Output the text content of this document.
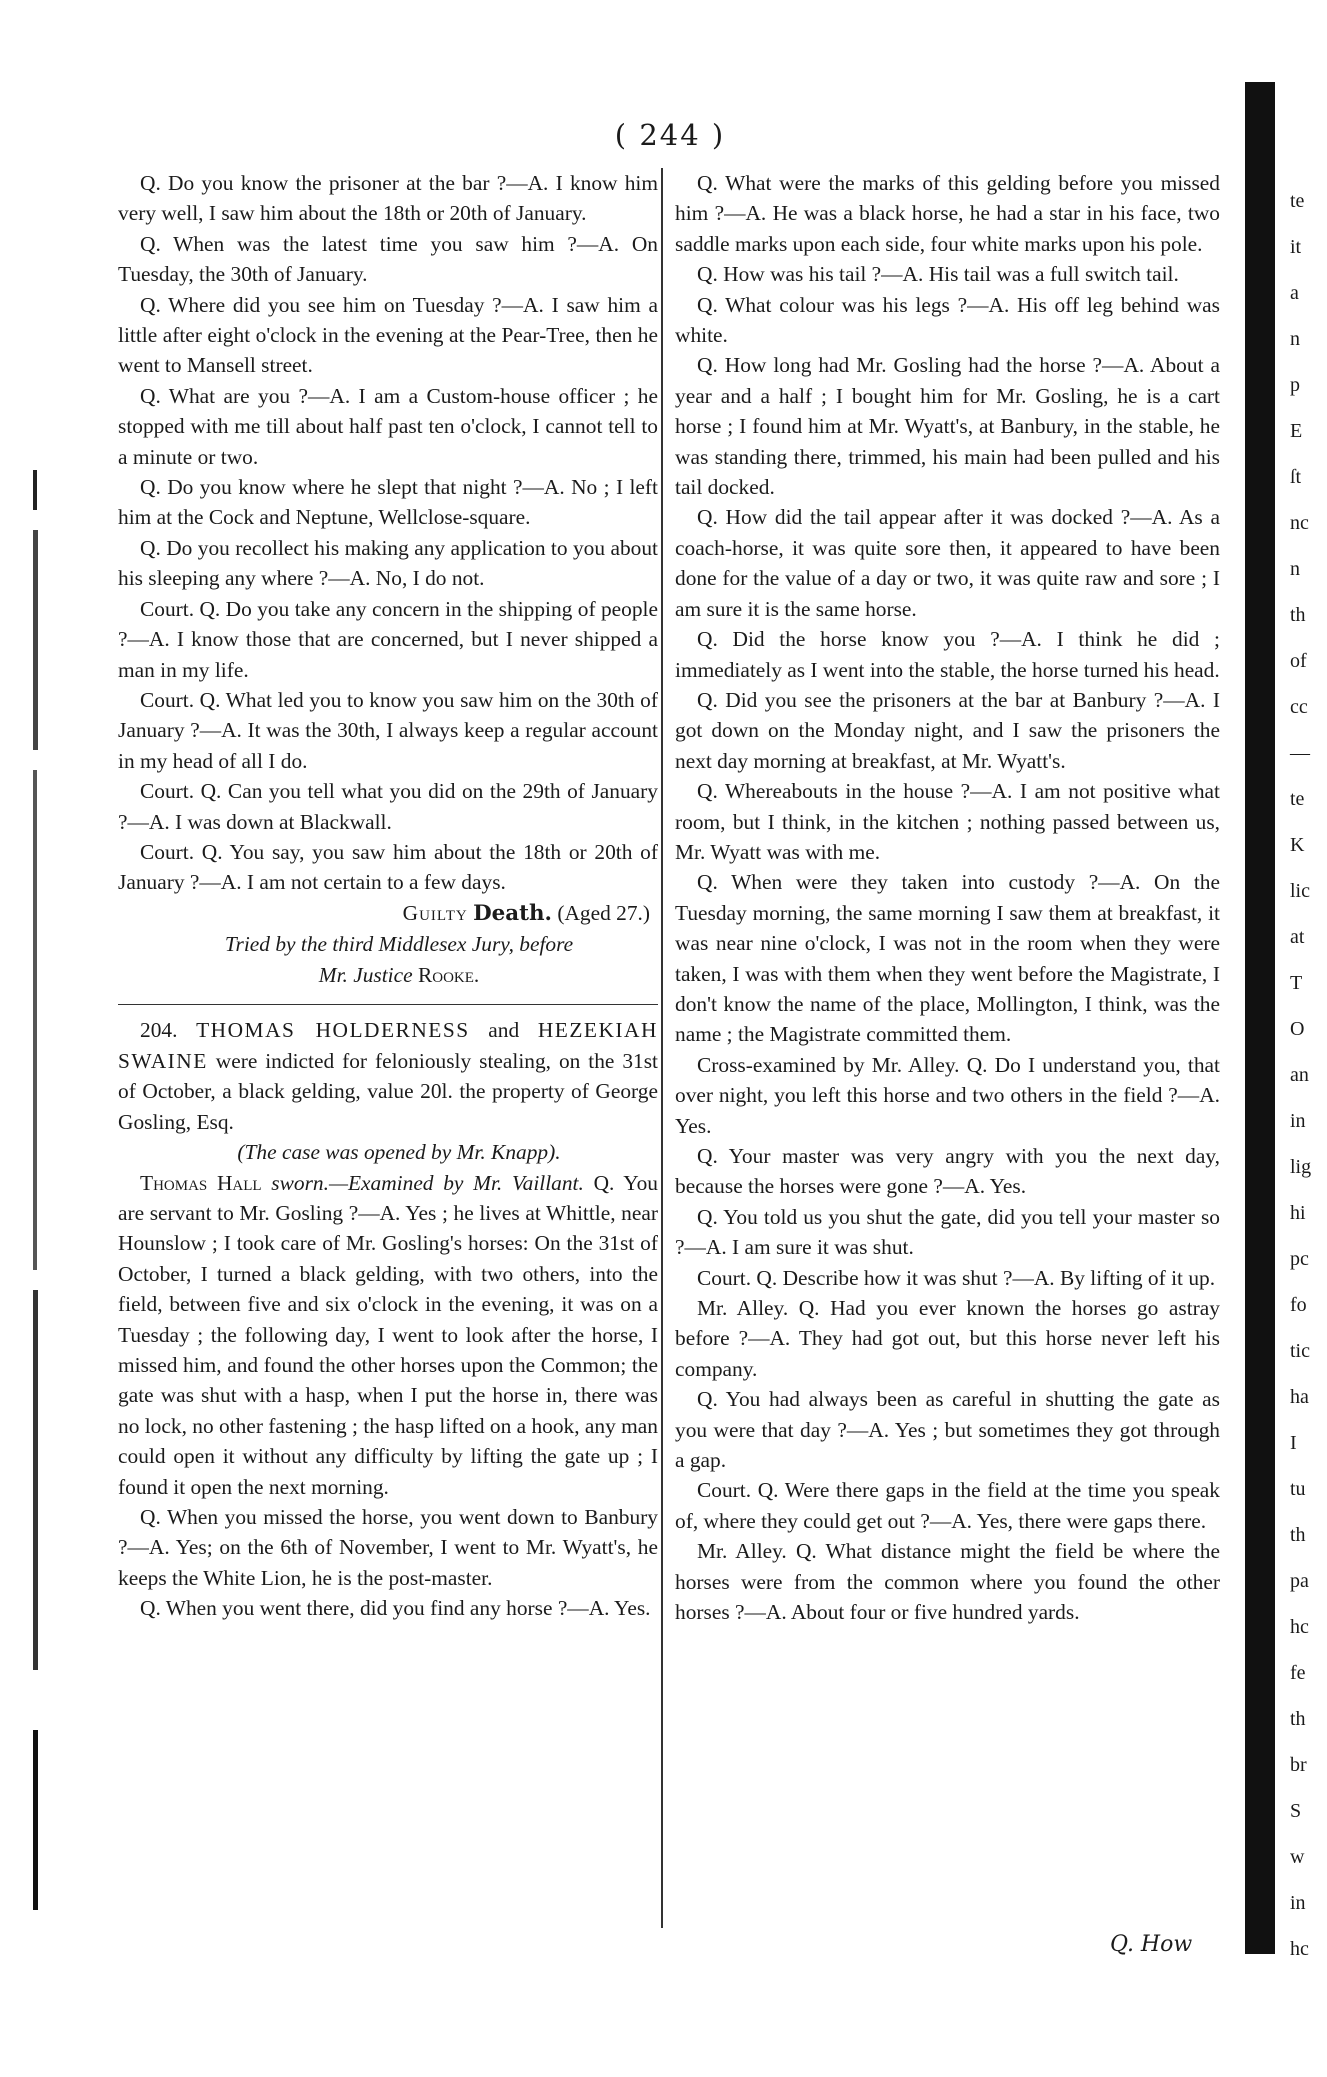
( 244 )

Q. Do you know the prisoner at the bar ?—A. I know him very well, I saw him about the 18th or 20th of January.

Q. When was the latest time you saw him ?—A. On Tuesday, the 30th of January.

Q. Where did you see him on Tuesday ?—A. I saw him a little after eight o'clock in the evening at the Pear-Tree, then he went to Mansell street.

Q. What are you ?—A. I am a Custom-house officer ; he stopped with me till about half past ten o'clock, I cannot tell to a minute or two.

Q. Do you know where he slept that night ?—A. No ; I left him at the Cock and Neptune, Wellclose-square.

Q. Do you recollect his making any application to you about his sleeping any where ?—A. No, I do not.

Court. Q. Do you take any concern in the shipping of people ?—A. I know those that are concerned, but I never shipped a man in my life.

Court. Q. What led you to know you saw him on the 30th of January ?—A. It was the 30th, I always keep a regular account in my head of all I do.

Court. Q. Can you tell what you did on the 29th of January ?—A. I was down at Blackwall.

Court. Q. You say, you saw him about the 18th or 20th of January ?—A. I am not certain to a few days.

Guilty Death. (Aged 27.)

Tried by the third Middlesex Jury, before

Mr. Justice Rooke.

204. THOMAS HOLDERNESS and HEZEKIAH SWAINE were indicted for feloniously stealing, on the 31st of October, a black gelding, value 20l. the property of George Gosling, Esq.

(The case was opened by Mr. Knapp).

Thomas Hall sworn.—Examined by Mr. Vaillant. Q. You are servant to Mr. Gosling ?—A. Yes ; he lives at Whittle, near Hounslow ; I took care of Mr. Gosling's horses: On the 31st of October, I turned a black gelding, with two others, into the field, between five and six o'clock in the evening, it was on a Tuesday ; the following day, I went to look after the horse, I missed him, and found the other horses upon the Common; the gate was shut with a hasp, when I put the horse in, there was no lock, no other fastening ; the hasp lifted on a hook, any man could open it without any difficulty by lifting the gate up ; I found it open the next morning.

Q. When you missed the horse, you went down to Banbury ?—A. Yes; on the 6th of November, I went to Mr. Wyatt's, he keeps the White Lion, he is the post-master.

Q. When you went there, did you find any horse ?—A. Yes.

Q. What were the marks of this gelding before you missed him ?—A. He was a black horse, he had a star in his face, two saddle marks upon each side, four white marks upon his pole.

Q. How was his tail ?—A. His tail was a full switch tail.

Q. What colour was his legs ?—A. His off leg behind was white.

Q. How long had Mr. Gosling had the horse ?—A. About a year and a half ; I bought him for Mr. Gosling, he is a cart horse ; I found him at Mr. Wyatt's, at Banbury, in the stable, he was standing there, trimmed, his main had been pulled and his tail docked.

Q. How did the tail appear after it was docked ?—A. As a coach-horse, it was quite sore then, it appeared to have been done for the value of a day or two, it was quite raw and sore ; I am sure it is the same horse.

Q. Did the horse know you ?—A. I think he did ; immediately as I went into the stable, the horse turned his head.

Q. Did you see the prisoners at the bar at Banbury ?—A. I got down on the Monday night, and I saw the prisoners the next day morning at breakfast, at Mr. Wyatt's.

Q. Whereabouts in the house ?—A. I am not positive what room, but I think, in the kitchen ; nothing passed between us, Mr. Wyatt was with me.

Q. When were they taken into custody ?—A. On the Tuesday morning, the same morning I saw them at breakfast, it was near nine o'clock, I was not in the room when they were taken, I was with them when they went before the Magistrate, I don't know the name of the place, Mollington, I think, was the name ; the Magistrate committed them.

Cross-examined by Mr. Alley. Q. Do I understand you, that over night, you left this horse and two others in the field ?—A. Yes.

Q. Your master was very angry with you the next day, because the horses were gone ?—A. Yes.

Q. You told us you shut the gate, did you tell your master so ?—A. I am sure it was shut.

Court. Q. Describe how it was shut ?—A. By lifting of it up.

Mr. Alley. Q. Had you ever known the horses go astray before ?—A. They had got out, but this horse never left his company.

Q. You had always been as careful in shutting the gate as you were that day ?—A. Yes ; but sometimes they got through a gap.

Court. Q. Were there gaps in the field at the time you speak of, where they could get out ?—A. Yes, there were gaps there.

Mr. Alley. Q. What distance might the field be where the horses were from the common where you found the other horses ?—A. About four or five hundred yards.

Q. How
te
it
a
n
p
E
ſt
nc
n
th
of
cc
—
te
K
lic
at
T
O
an
in
lig
hi
pc
fo
tic
ha
I
tu
th
pa
hc
fe
th
br
S
w
in
hc
